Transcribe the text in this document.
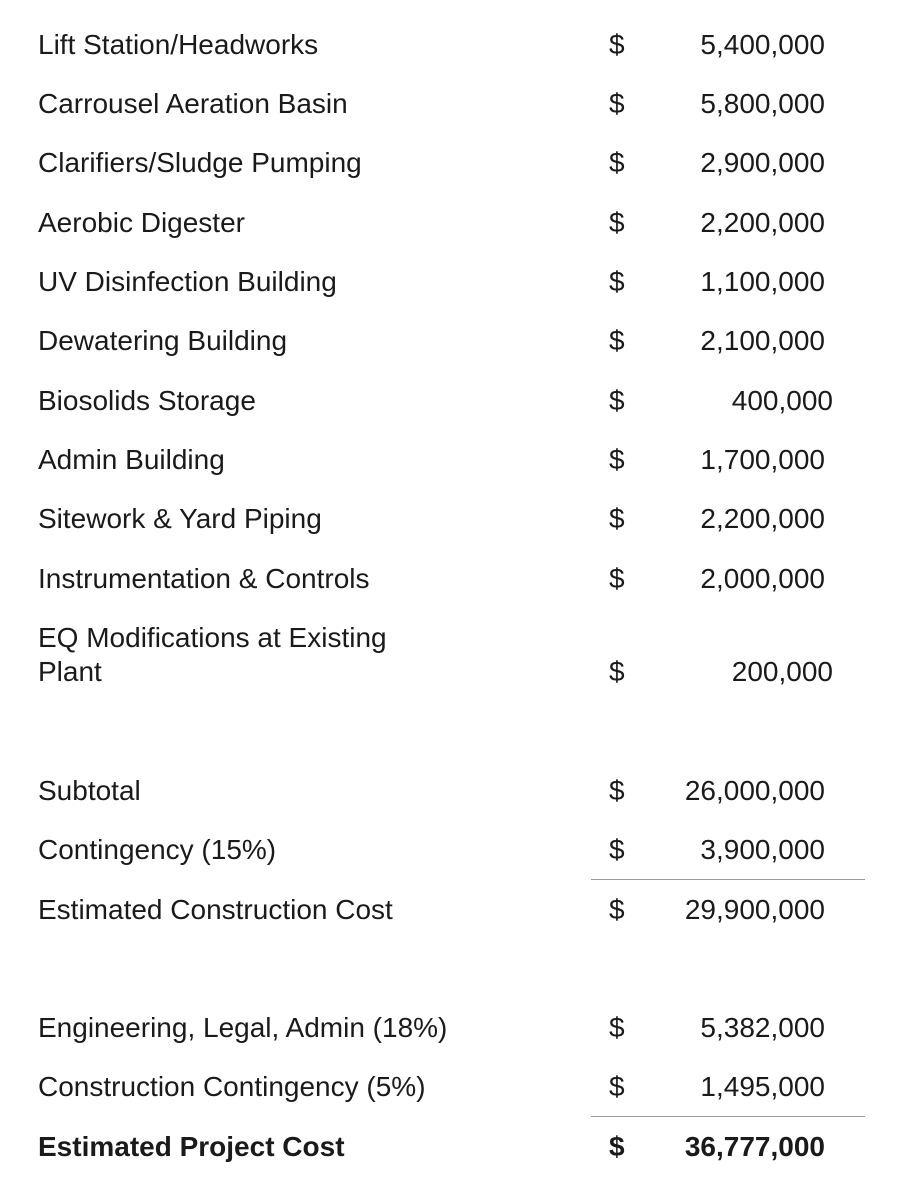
Lift Station/Headworks	$	5,400,000
Carrousel Aeration Basin	$	5,800,000
Clarifiers/Sludge Pumping	$	2,900,000
Aerobic Digester	$	2,200,000
UV Disinfection Building	$	1,100,000
Dewatering Building	$	2,100,000
Biosolids Storage	$	400,000
Admin Building	$	1,700,000
Sitework & Yard Piping	$	2,200,000
Instrumentation & Controls	$	2,000,000
EQ Modifications at Existing
Plant	$	200,000
Subtotal	$ 26,000,000
Contingency (15%)	$	3,900,000
Estimated Construction Cost	$ 29,900,000
Engineering, Legal, Admin (18%)	$	5,382,000
Construction Contingency (5%)	$	1,495,000
Estimated Project Cost	$ 36,777,000
